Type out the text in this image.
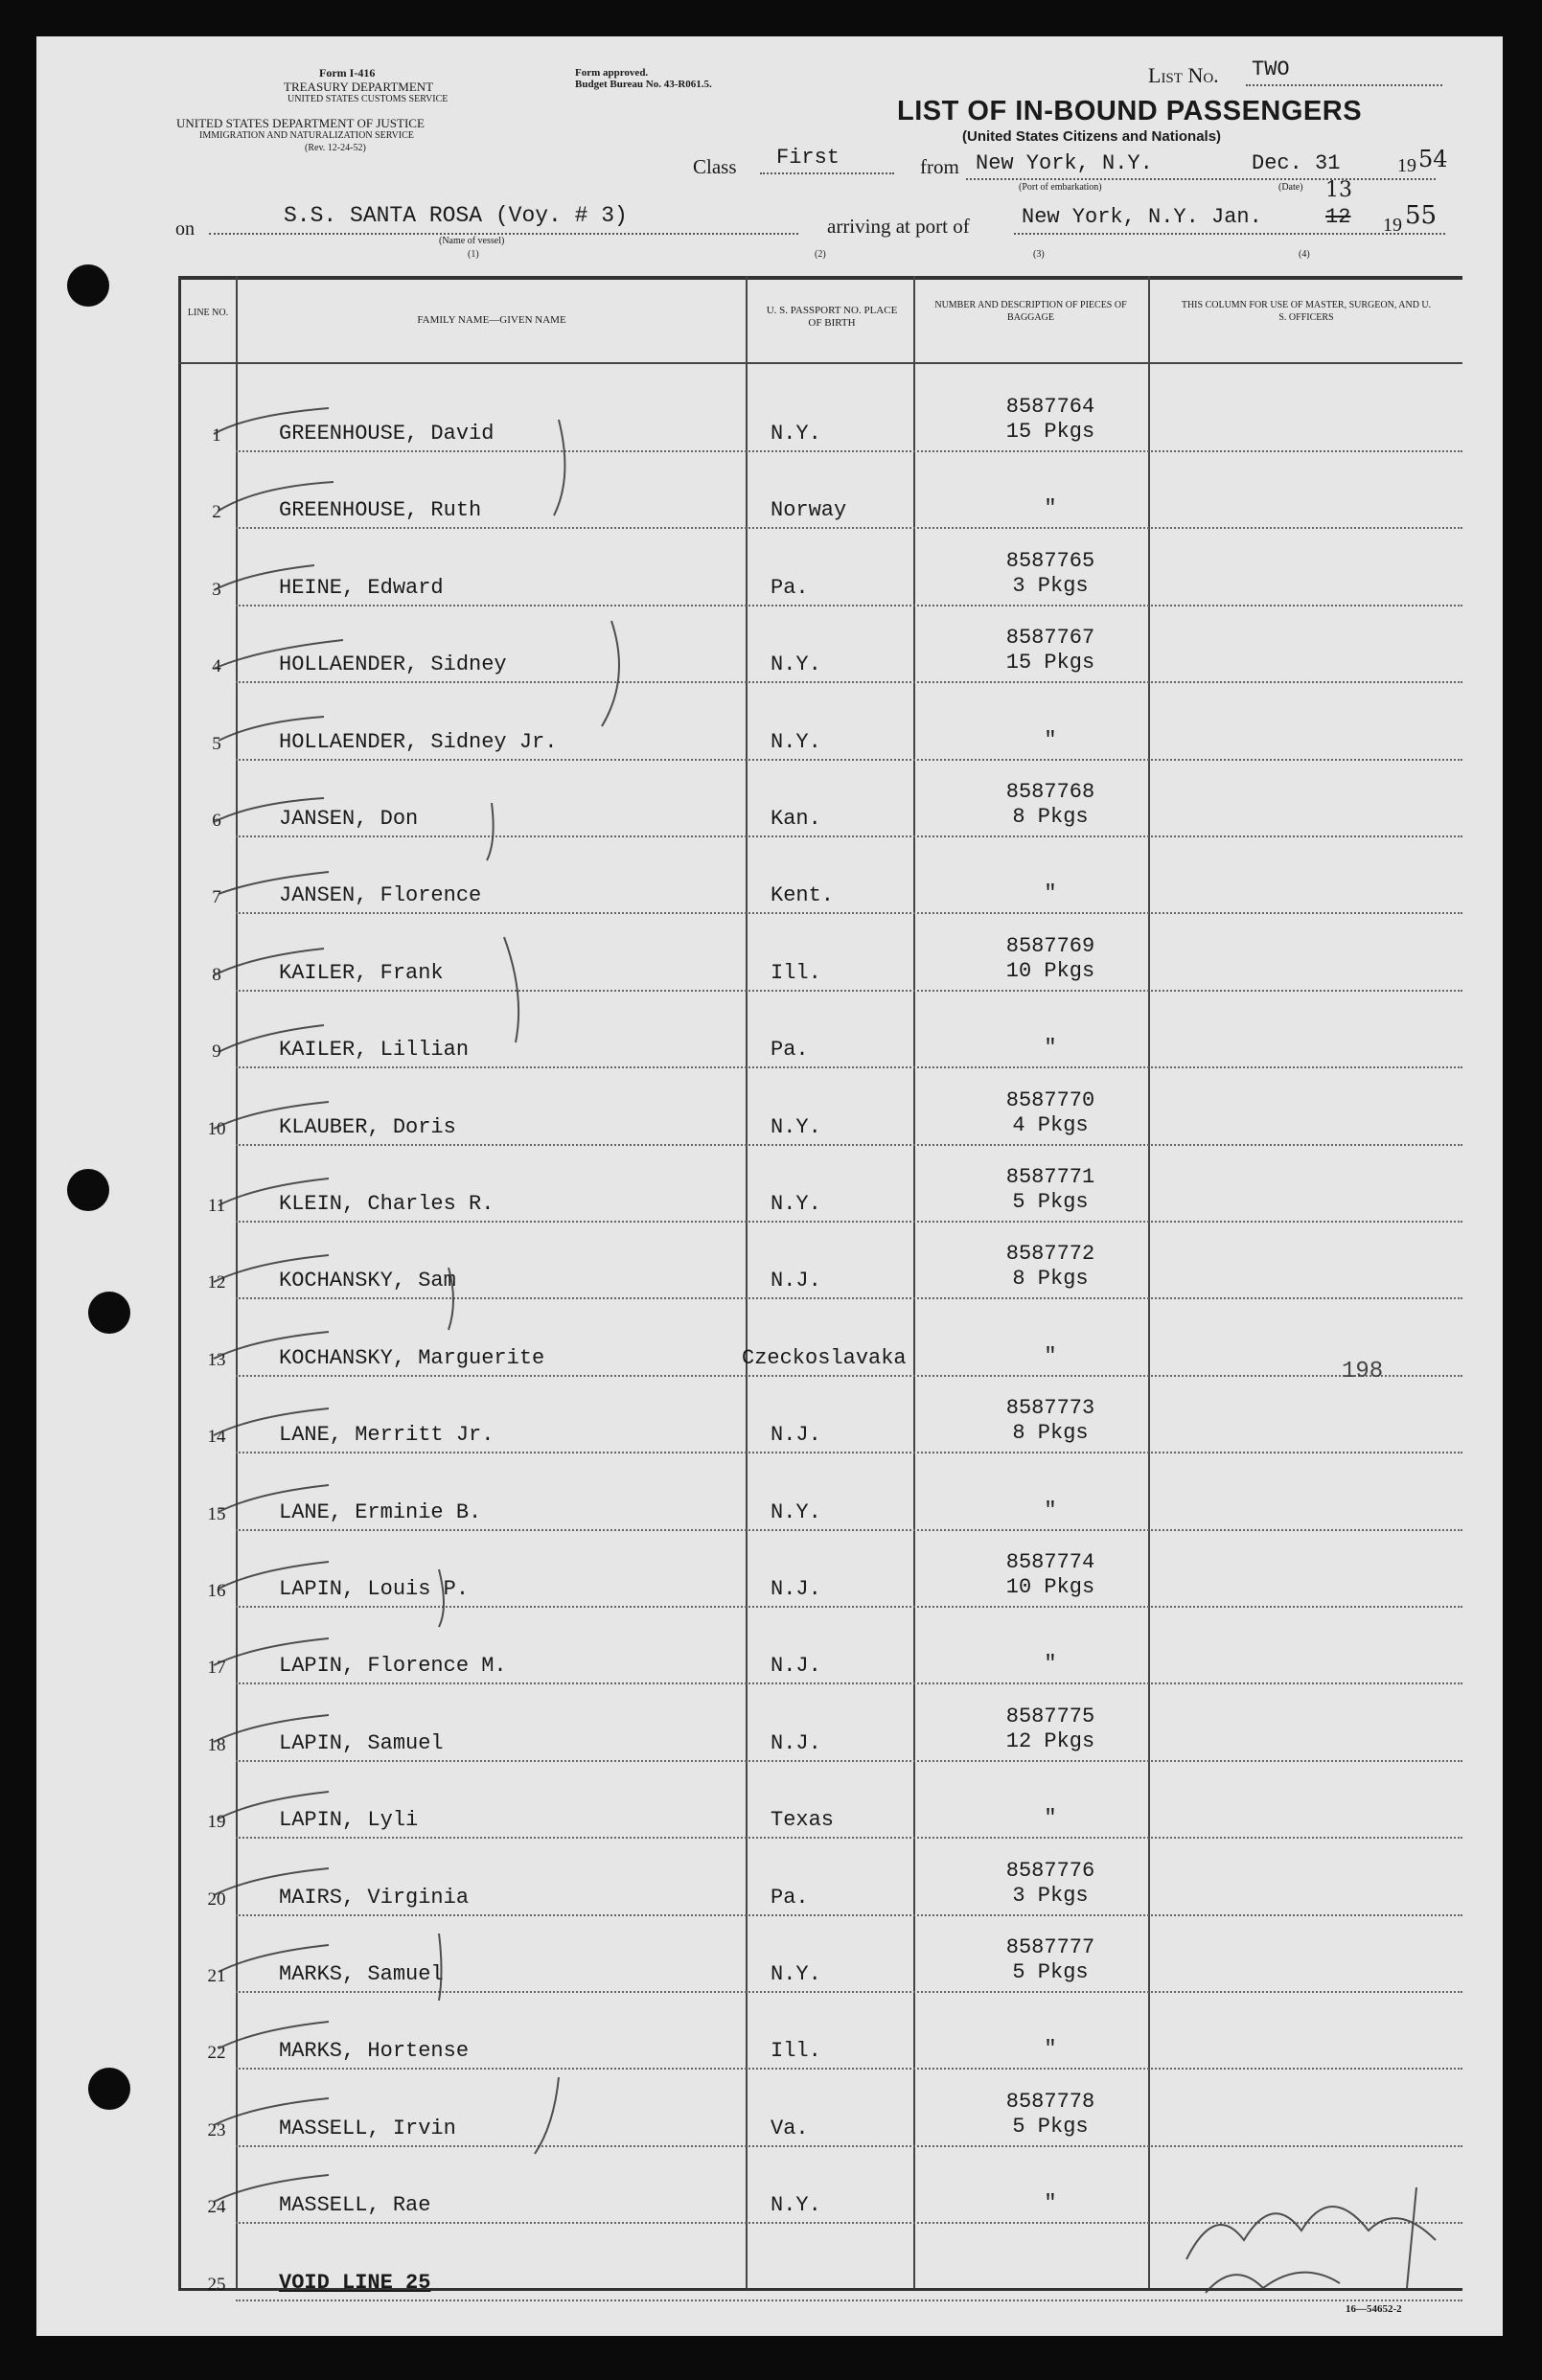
Form I-416
TREASURY DEPARTMENT
UNITED STATES CUSTOMS SERVICE
UNITED STATES DEPARTMENT OF JUSTICE
IMMIGRATION AND NATURALIZATION SERVICE
(Rev. 12-24-52)
Form approved.
Budget Bureau No. 43-R061.5.	List No. TWO
LIST OF IN-BOUND PASSENGERS
(United States Citizens and Nationals)
Class First	from New York, N.Y.
(Port of embarkation)
Dec. 31
(Date)
19 54
on
S.S. SANTA ROSA (Voy. # 3)
(Name of vessel)
(1)
arriving at port of New York, N.Y. Jan.	12
13
19 55
(2)	(3)	(4)
LINE NO.
FAMILY NAME—GIVEN NAME
U. S. PASSPORT NO. PLACE OF BIRTH
NUMBER AND DESCRIPTION OF PIECES OF BAGGAGE
THIS COLUMN FOR USE OF MASTER, SURGEON, AND U. S. OFFICERS
1	GREENHOUSE, David	N.Y.
8587764
15 Pkgs
2	GREENHOUSE, Ruth	Norway	"
3	HEINE, Edward	Pa.
8587765
3 Pkgs
4	HOLLAENDER, Sidney	N.Y.
8587767
15 Pkgs
5	HOLLAENDER, Sidney Jr.	N.Y.	"
6	JANSEN, Don	Kan.
8587768
8 Pkgs
7	JANSEN, Florence	Kent.	"
8	KAILER, Frank	Ill.
8587769
10 Pkgs
9	KAILER, Lillian	Pa.	"
10	KLAUBER, Doris	N.Y.
8587770
4 Pkgs
11	KLEIN, Charles R.	N.Y.
8587771
5 Pkgs
12	KOCHANSKY, Sam	N.J.
8587772
8 Pkgs
13	KOCHANSKY, Marguerite	Czeckoslavaka	"
14	LANE, Merritt Jr.	N.J.
8587773
8 Pkgs
15	LANE, Erminie B.	N.Y.	"
16	LAPIN, Louis P.	N.J.
8587774
10 Pkgs
17	LAPIN, Florence M.	N.J.	"
18	LAPIN, Samuel	N.J.
8587775
12 Pkgs
19	LAPIN, Lyli	Texas	"
20	MAIRS, Virginia	Pa.
8587776
3 Pkgs
21	MARKS, Samuel	N.Y.
8587777
5 Pkgs
22	MARKS, Hortense	Ill.	"
23	MASSELL, Irvin	Va.
8587778
5 Pkgs
24	MASSELL, Rae	N.Y.	"
25	VOID LINE 25
198
16—54652-2
